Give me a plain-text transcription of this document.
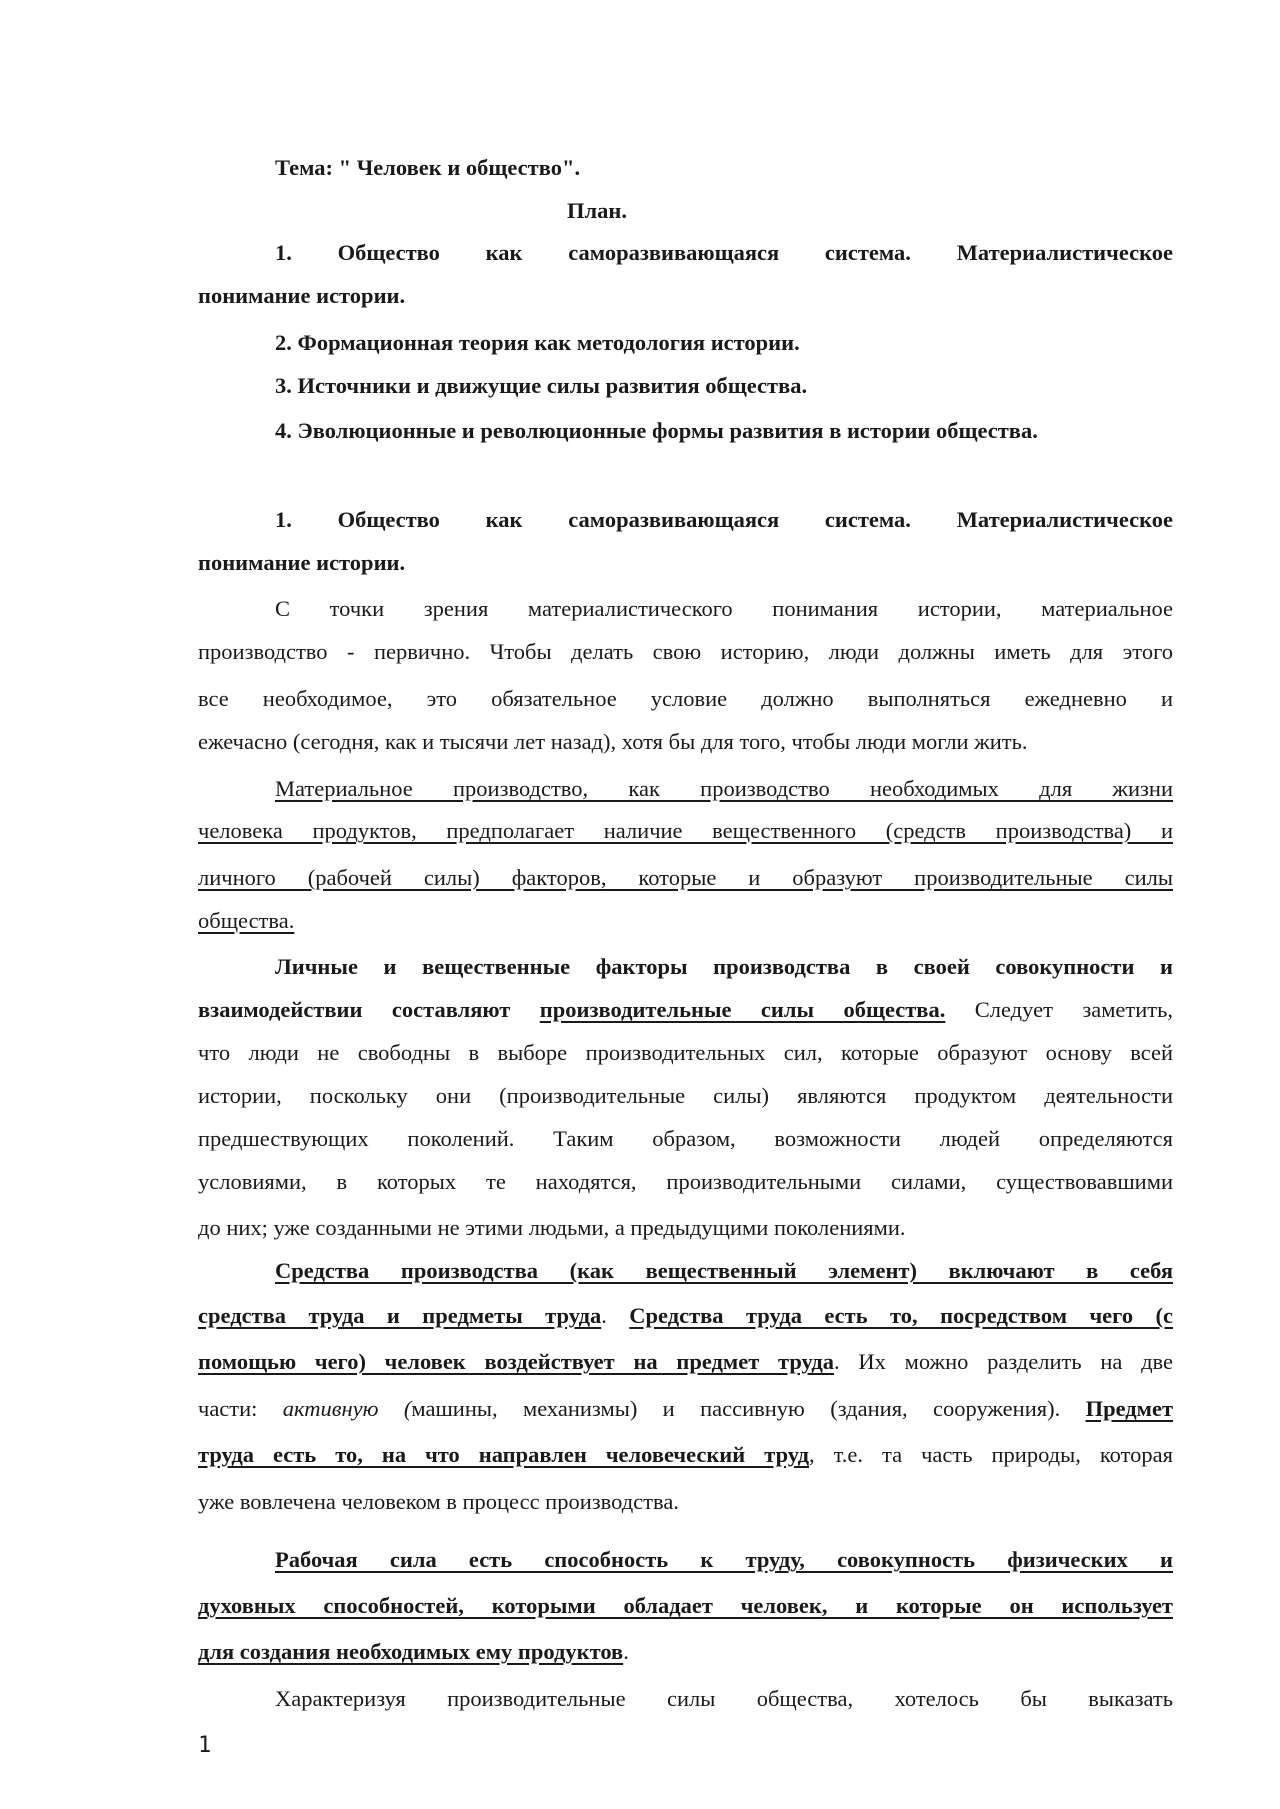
Тема: " Человек и общество".
План.
1. Общество как саморазвивающаяся система. Материалистическое
понимание истории.
2. Формационная теория как методология истории.
3. Источники и движущие силы развития общества.
4. Эволюционные и революционные формы развития в истории общества.
1. Общество как саморазвивающаяся система. Материалистическое
понимание истории.
С точки зрения материалистического понимания истории, материальное
производство - первично. Чтобы делать свою историю, люди должны иметь для этого
все необходимое, это обязательное условие должно выполняться ежедневно и
ежечасно (сегодня, как и тысячи лет назад), хотя бы для того, чтобы люди могли жить.
Материальное производство, как производство необходимых для жизни
человека продуктов, предполагает наличие вещественного (средств производства) и
личного (рабочей силы) факторов, которые и образуют производительные силы
общества.
Личные и вещественные факторы производства в своей совокупности и
взаимодействии составляют производительные силы общества. Следует заметить,
что люди не свободны в выборе производительных сил, которые образуют основу всей
истории, поскольку они (производительные силы) являются продуктом деятельности
предшествующих поколений. Таким образом, возможности людей определяются
условиями, в которых те находятся, производительными силами, существовавшими
до них; уже созданными не этими людьми, а предыдущими поколениями.
Средства производства (как вещественный элемент) включают в себя
средства труда и предметы труда. Средства труда есть то, посредством чего (с
помощью чего) человек воздействует на предмет труда. Их можно разделить на две
части: активную (машины, механизмы) и пассивную (здания, сооружения). Предмет
труда есть то, на что направлен человеческий труд, т.е. та часть природы, которая
уже вовлечена человеком в процесс производства.
Рабочая сила есть способность к труду, совокупность физических и
духовных способностей, которыми обладает человек, и которые он использует
для создания необходимых ему продуктов.
Характеризуя производительные силы общества, хотелось бы выказать
1
